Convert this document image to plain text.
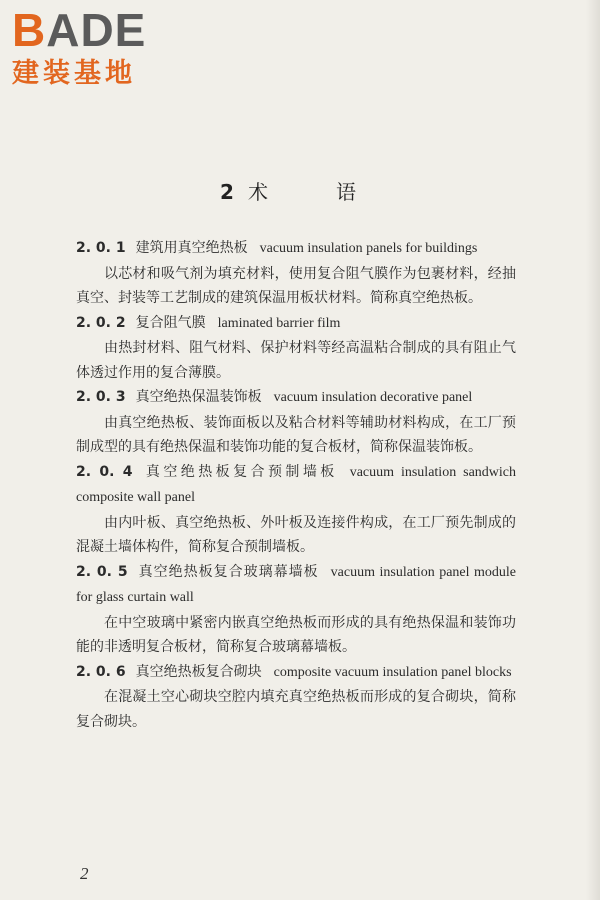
BADE
建装基地
2 术　语
2. 0. 1 建筑用真空绝热板 vacuum insulation panels for buildings

以芯材和吸气剂为填充材料，使用复合阻气膜作为包裹材料，经抽真空、封装等工艺制成的建筑保温用板状材料。简称真空绝热板。

2. 0. 2 复合阻气膜 laminated barrier film

由热封材料、阻气材料、保护材料等经高温粘合制成的具有阻止气体透过作用的复合薄膜。

2. 0. 3 真空绝热保温装饰板 vacuum insulation decorative panel

由真空绝热板、装饰面板以及粘合材料等辅助材料构成，在工厂预制成型的具有绝热保温和装饰功能的复合板材，简称保温装饰板。

2. 0. 4 真空绝热板复合预制墙板 vacuum insulation sandwich composite wall panel

由内叶板、真空绝热板、外叶板及连接件构成，在工厂预先制成的混凝土墙体构件，简称复合预制墙板。

2. 0. 5 真空绝热板复合玻璃幕墙板 vacuum insulation panel module for glass curtain wall

在中空玻璃中紧密内嵌真空绝热板而形成的具有绝热保温和装饰功能的非透明复合板材，简称复合玻璃幕墙板。

2. 0. 6 真空绝热板复合砌块 composite vacuum insulation panel blocks

在混凝土空心砌块空腔内填充真空绝热板而形成的复合砌块，简称复合砌块。

2
